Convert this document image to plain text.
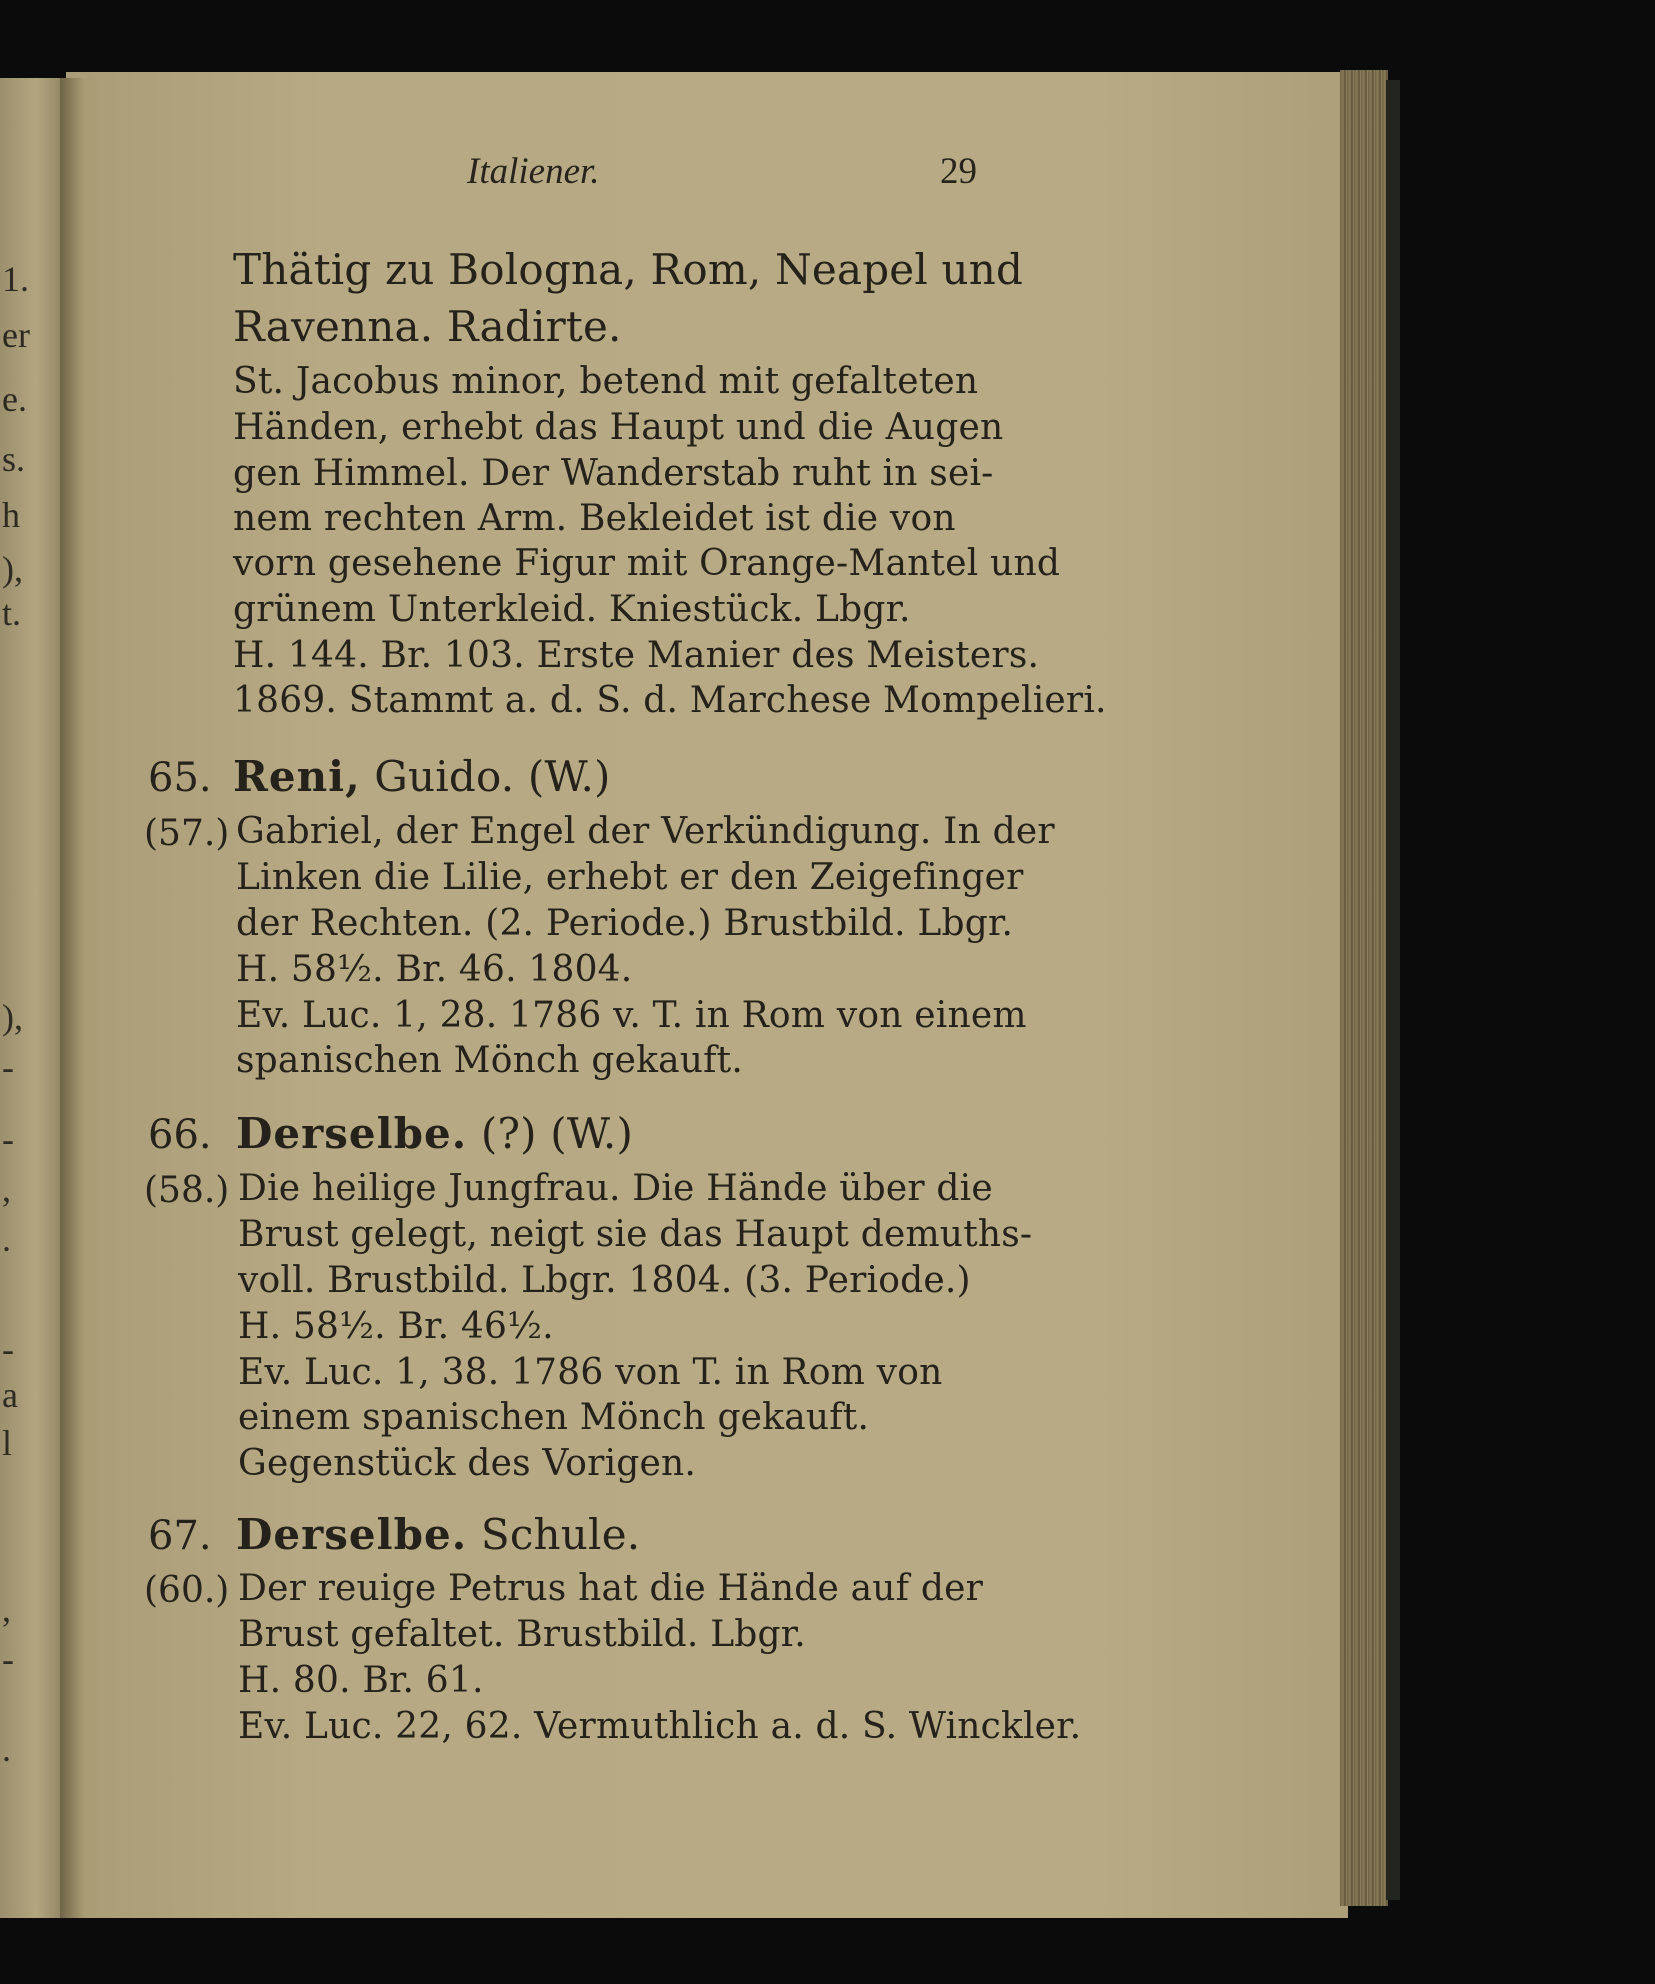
1.
er
e.
s.
h
),
t.
),
-
-
,
.
-
a
l
,
-
.
Italiener.	29
Thätig zu Bologna, Rom, Neapel und
Ravenna. Radirte.
St. Jacobus minor, betend mit gefalteten
Händen, erhebt das Haupt und die Augen
gen Himmel. Der Wanderstab ruht in sei-
nem rechten Arm. Bekleidet ist die von
vorn gesehene Figur mit Orange-Mantel und
grünem Unterkleid. Kniestück. Lbgr.
H. 144. Br. 103. Erste Manier des Meisters.
1869. Stammt a. d. S. d. Marchese Mompelieri.
65. Reni, Guido. (W.)
(57.) Gabriel, der Engel der Verkündigung. In der
Linken die Lilie, erhebt er den Zeigefinger
der Rechten. (2. Periode.) Brustbild. Lbgr.
H. 58½. Br. 46. 1804.
Ev. Luc. 1, 28. 1786 v. T. in Rom von einem
spanischen Mönch gekauft.
66. Derselbe. (?) (W.)
(58.) Die heilige Jungfrau. Die Hände über die
Brust gelegt, neigt sie das Haupt demuths-
voll. Brustbild. Lbgr. 1804. (3. Periode.)
H. 58½. Br. 46½.
Ev. Luc. 1, 38. 1786 von T. in Rom von
einem spanischen Mönch gekauft.
Gegenstück des Vorigen.
67. Derselbe. Schule.
(60.) Der reuige Petrus hat die Hände auf der
Brust gefaltet. Brustbild. Lbgr.
H. 80. Br. 61.
Ev. Luc. 22, 62. Vermuthlich a. d. S. Winckler.
